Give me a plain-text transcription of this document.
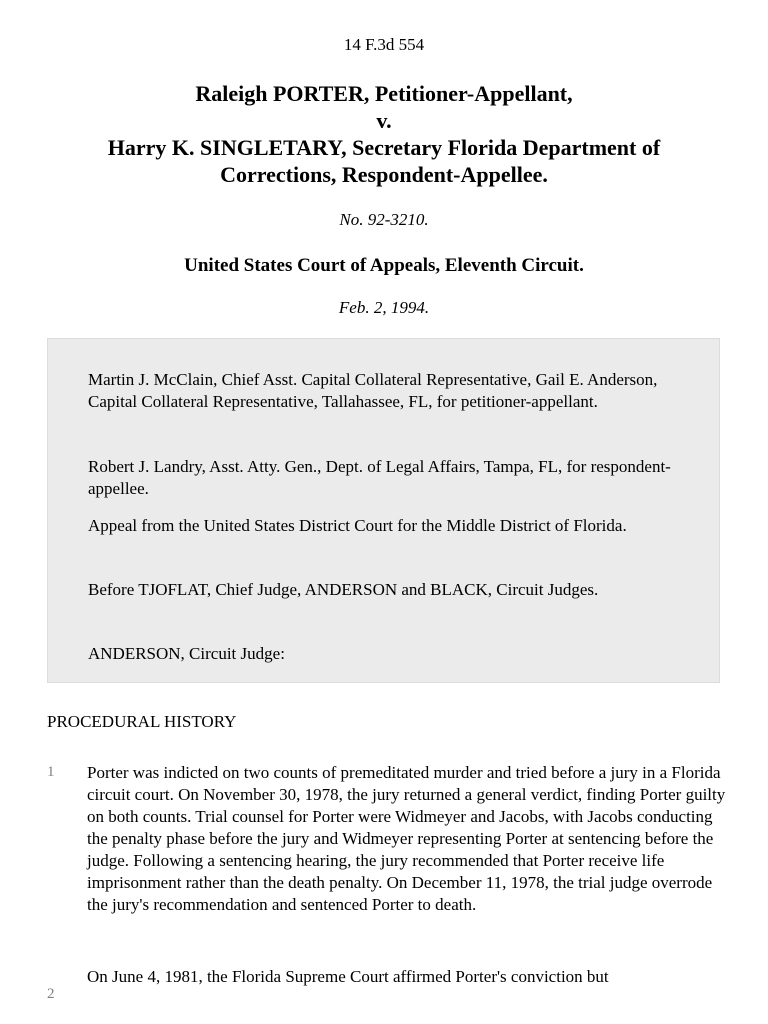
14 F.3d 554
Raleigh PORTER, Petitioner-Appellant,
v.
Harry K. SINGLETARY, Secretary Florida Department of
Corrections, Respondent-Appellee.
No. 92-3210.
United States Court of Appeals, Eleventh Circuit.
Feb. 2, 1994.

Martin J. McClain, Chief Asst. Capital Collateral Representative, Gail E. Anderson, Capital Collateral Representative, Tallahassee, FL, for petitioner-appellant.

Robert J. Landry, Asst. Atty. Gen., Dept. of Legal Affairs, Tampa, FL, for respondent-appellee.

Appeal from the United States District Court for the Middle District of Florida.

Before TJOFLAT, Chief Judge, ANDERSON and BLACK, Circuit Judges.

ANDERSON, Circuit Judge:

PROCEDURAL HISTORY
1 Porter was indicted on two counts of premeditated murder and tried before a jury in a Florida circuit court. On November 30, 1978, the jury returned a general verdict, finding Porter guilty on both counts. Trial counsel for Porter were Widmeyer and Jacobs, with Jacobs conducting the penalty phase before the jury and Widmeyer representing Porter at sentencing before the judge. Following a sentencing hearing, the jury recommended that Porter receive life imprisonment rather than the death penalty. On December 11, 1978, the trial judge overrode the jury's recommendation and sentenced Porter to death.

2

On June 4, 1981, the Florida Supreme Court affirmed Porter's conviction but
